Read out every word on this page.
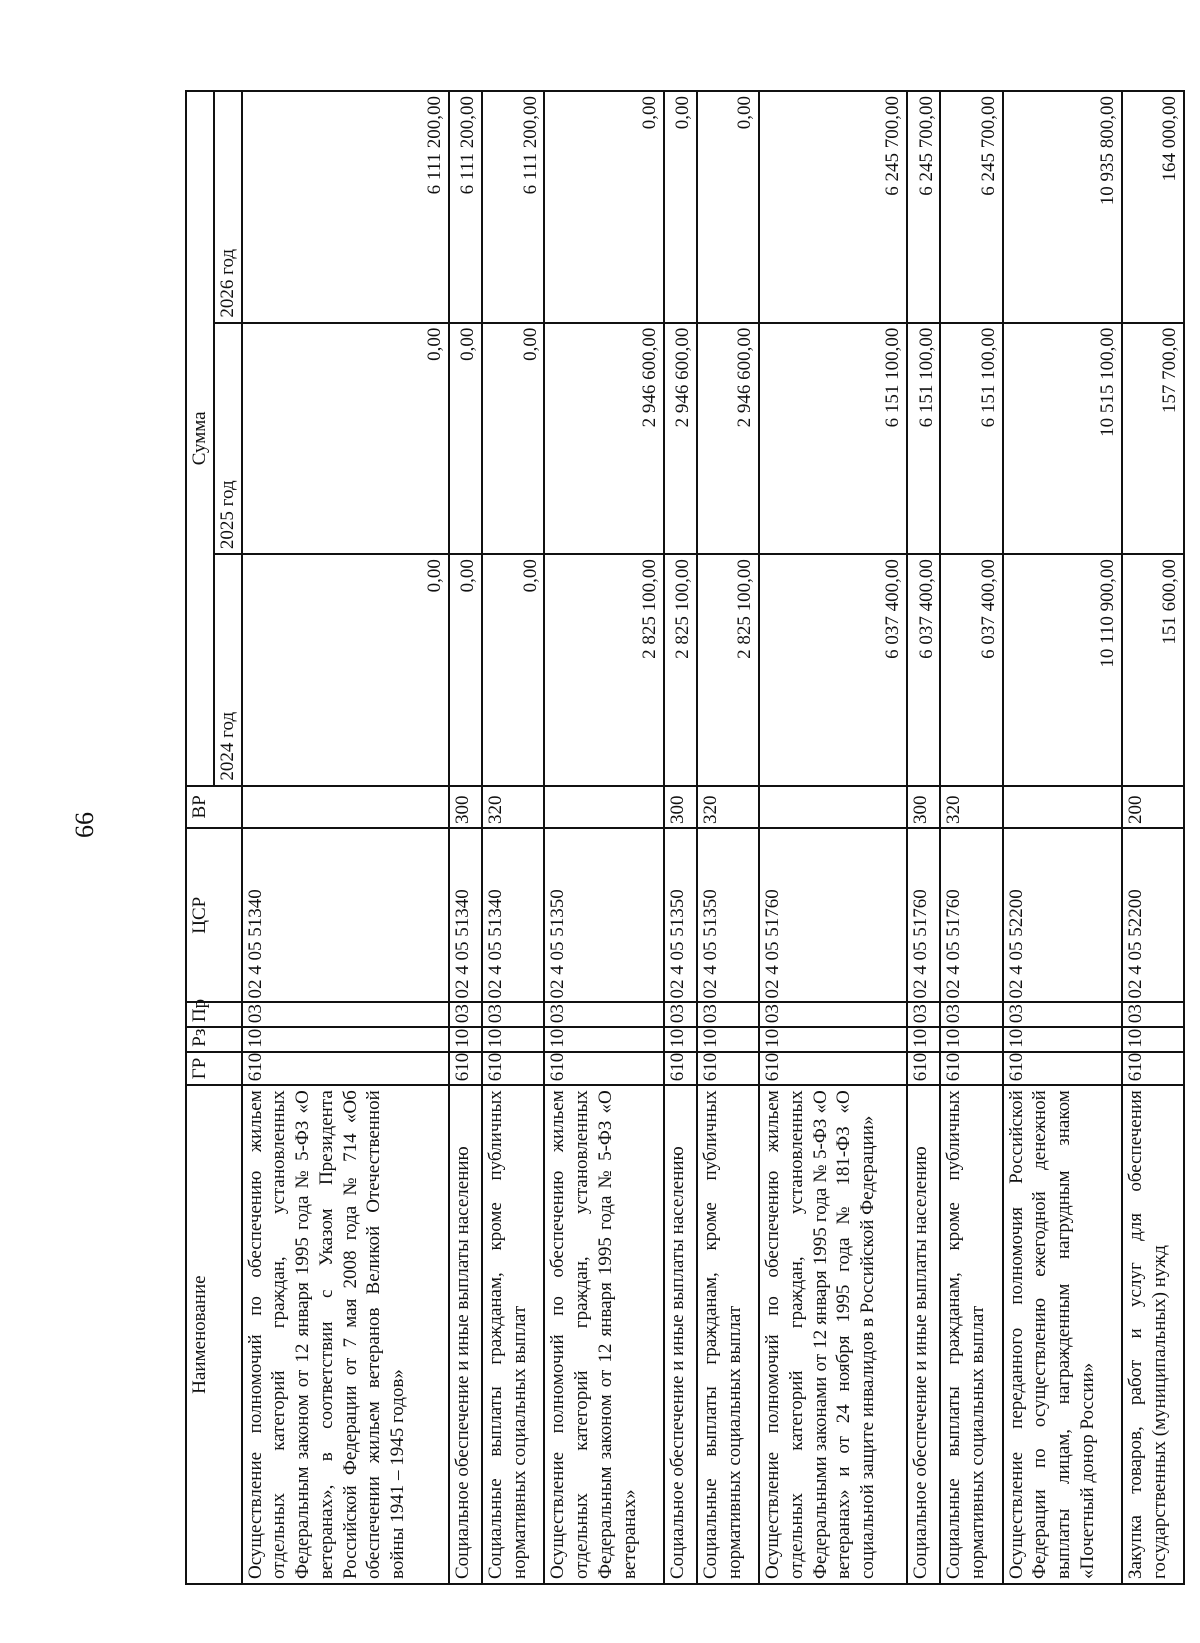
66
Наименование	ГР	Рз	Пр	ЦСР	ВР	Сумма		
						2024 год	2025 год	2026 год
Осуществление полномочий по обеспечению жильем отдельных категорий граждан, установленных Федеральным законом от 12 января 1995 года № 5-ФЗ «О ветеранах», в соответствии с Указом Президента Российской Федерации от 7 мая 2008 года № 714 «Об обеспечении жильем ветеранов Великой Отечественной войны 1941 – 1945 годов»	610	10	03	02 4 05 51340		0,00	0,00	6 111 200,00
Социальное обеспечение и иные выплаты населению	610	10	03	02 4 05 51340	300	0,00	0,00	6 111 200,00
Социальные выплаты гражданам, кроме публичных нормативных социальных выплат	610	10	03	02 4 05 51340	320	0,00	0,00	6 111 200,00
Осуществление полномочий по обеспечению жильем отдельных категорий граждан, установленных Федеральным законом от 12 января 1995 года № 5-ФЗ «О ветеранах»	610	10	03	02 4 05 51350		2 825 100,00	2 946 600,00	0,00
Социальное обеспечение и иные выплаты населению	610	10	03	02 4 05 51350	300	2 825 100,00	2 946 600,00	0,00
Социальные выплаты гражданам, кроме публичных нормативных социальных выплат	610	10	03	02 4 05 51350	320	2 825 100,00	2 946 600,00	0,00
Осуществление полномочий по обеспечению жильем отдельных категорий граждан, установленных Федеральными законами от 12 января 1995 года № 5-ФЗ «О ветеранах» и от 24 ноября 1995 года № 181-ФЗ «О социальной защите инвалидов в Российской Федерации»	610	10	03	02 4 05 51760		6 037 400,00	6 151 100,00	6 245 700,00
Социальное обеспечение и иные выплаты населению	610	10	03	02 4 05 51760	300	6 037 400,00	6 151 100,00	6 245 700,00
Социальные выплаты гражданам, кроме публичных нормативных социальных выплат	610	10	03	02 4 05 51760	320	6 037 400,00	6 151 100,00	6 245 700,00
Осуществление переданного полномочия Российской Федерации по осуществлению ежегодной денежной выплаты лицам, награжденным нагрудным знаком «Почетный донор России»	610	10	03	02 4 05 52200		10 110 900,00	10 515 100,00	10 935 800,00
Закупка товаров, работ и услуг для обеспечения государственных (муниципальных) нужд	610	10	03	02 4 05 52200	200	151 600,00	157 700,00	164 000,00
